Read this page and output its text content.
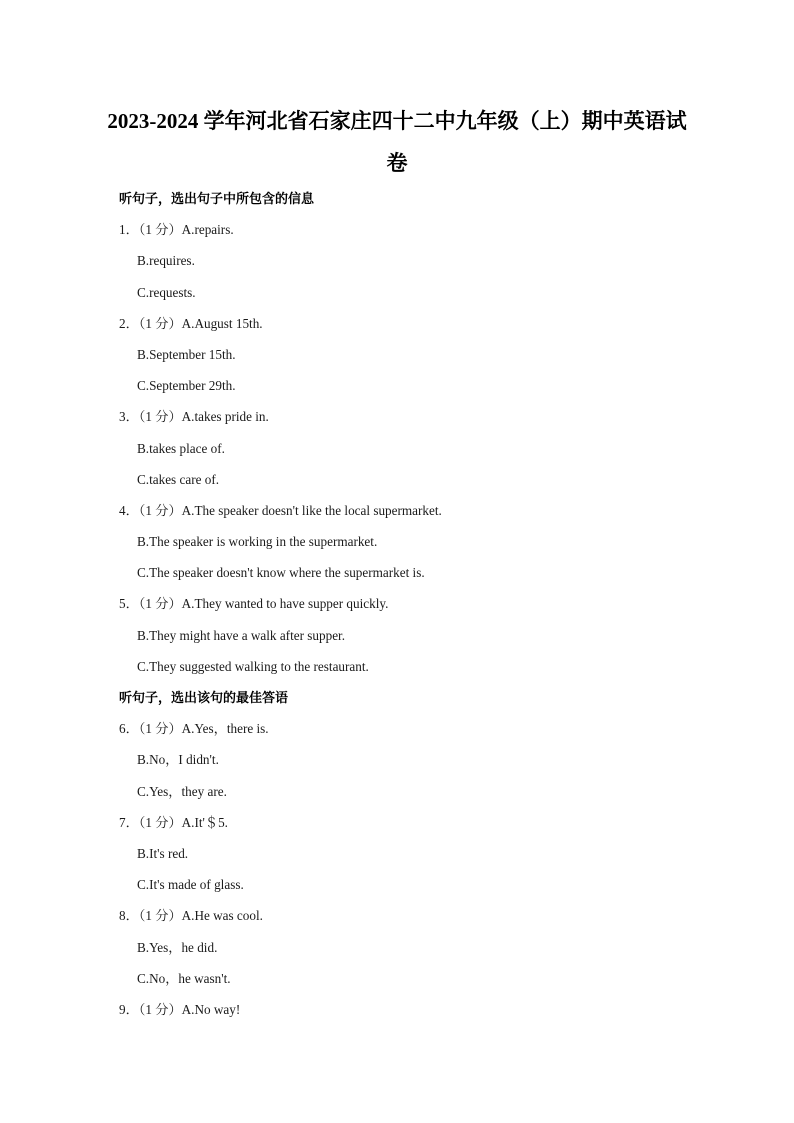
2023-2024 学年河北省石家庄四十二中九年级（上）期中英语试
卷
听句子，选出句子中所包含的信息
1．（1 分）A.repairs.
B.requires.
C.requests.
2．（1 分）A.August 15th.
B.September 15th.
C.September 29th.
3．（1 分）A.takes pride in.
B.takes place of.
C.takes care of.
4．（1 分）A.The speaker doesn't like the local supermarket.
B.The speaker is working in the supermarket.
C.The speaker doesn't know where the supermarket is.
5．（1 分）A.They wanted to have supper quickly.
B.They might have a walk after supper.
C.They suggested walking to the restaurant.
听句子，选出该句的最佳答语
6．（1 分）A.Yes，there is.
B.No，I didn't.
C.Yes，they are.
7．（1 分）A.It'＄5.
B.It's red.
C.It's made of glass.
8．（1 分）A.He was cool.
B.Yes，he did.
C.No，he wasn't.
9．（1 分）A.No way!
